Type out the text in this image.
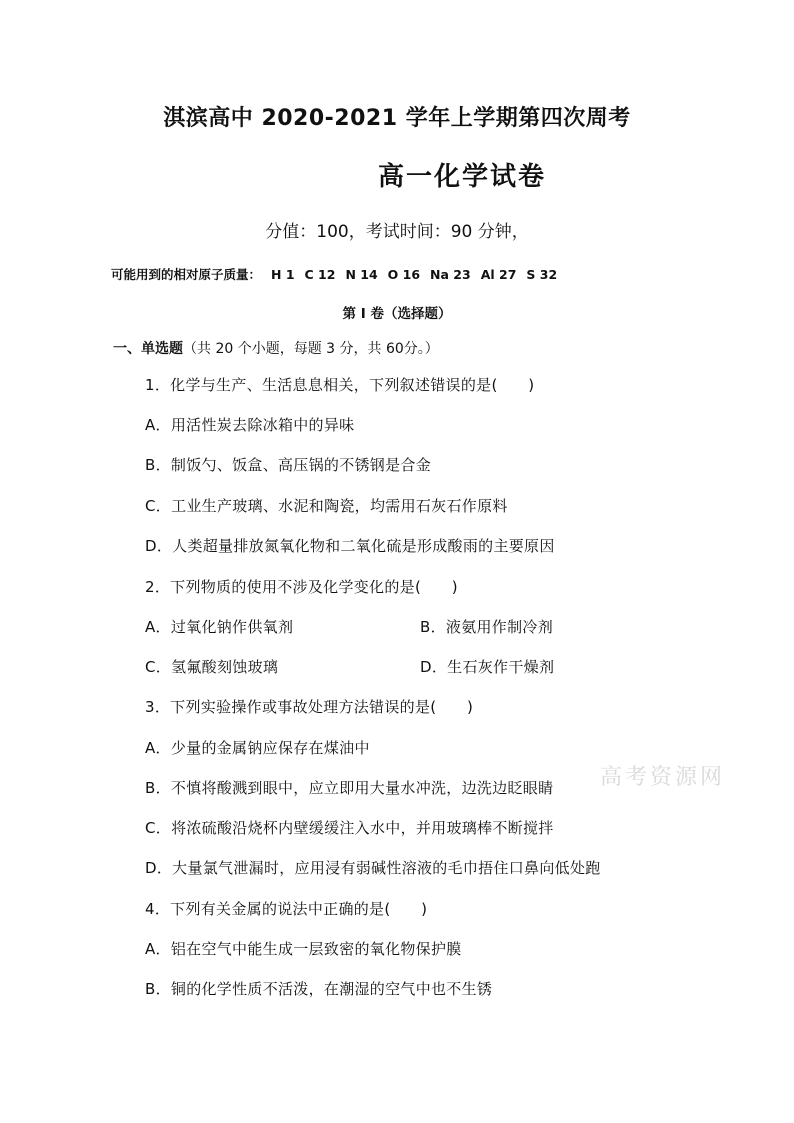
淇滨高中 2020-2021 学年上学期第四次周考
高一化学试卷
分值：100，考试时间：90 分钟，
可能用到的相对原子质量： H 1 C 12 N 14 O 16 Na 23 Al 27 S 32
第 Ⅰ 卷（选择题）
一、单选题（共 20 个小题，每题 3 分，共 60分。）
1．化学与生产、生活息息相关，下列叙述错误的是(　　)
A．用活性炭去除冰箱中的异味
B．制饭勺、饭盒、高压锅的不锈钢是合金
C．工业生产玻璃、水泥和陶瓷，均需用石灰石作原料
D．人类超量排放氮氧化物和二氧化硫是形成酸雨的主要原因
2．下列物质的使用不涉及化学变化的是(　　)
A．过氧化钠作供氧剂	B．液氨用作制冷剂
C．氢氟酸刻蚀玻璃	D．生石灰作干燥剂
3．下列实验操作或事故处理方法错误的是(　　)
A．少量的金属钠应保存在煤油中
B．不慎将酸溅到眼中，应立即用大量水冲洗，边洗边眨眼睛
C．将浓硫酸沿烧杯内壁缓缓注入水中，并用玻璃棒不断搅拌
D．大量氯气泄漏时，应用浸有弱碱性溶液的毛巾捂住口鼻向低处跑
4．下列有关金属的说法中正确的是(　　)
A．铝在空气中能生成一层致密的氧化物保护膜
B．铜的化学性质不活泼，在潮湿的空气中也不生锈
高考资源网
